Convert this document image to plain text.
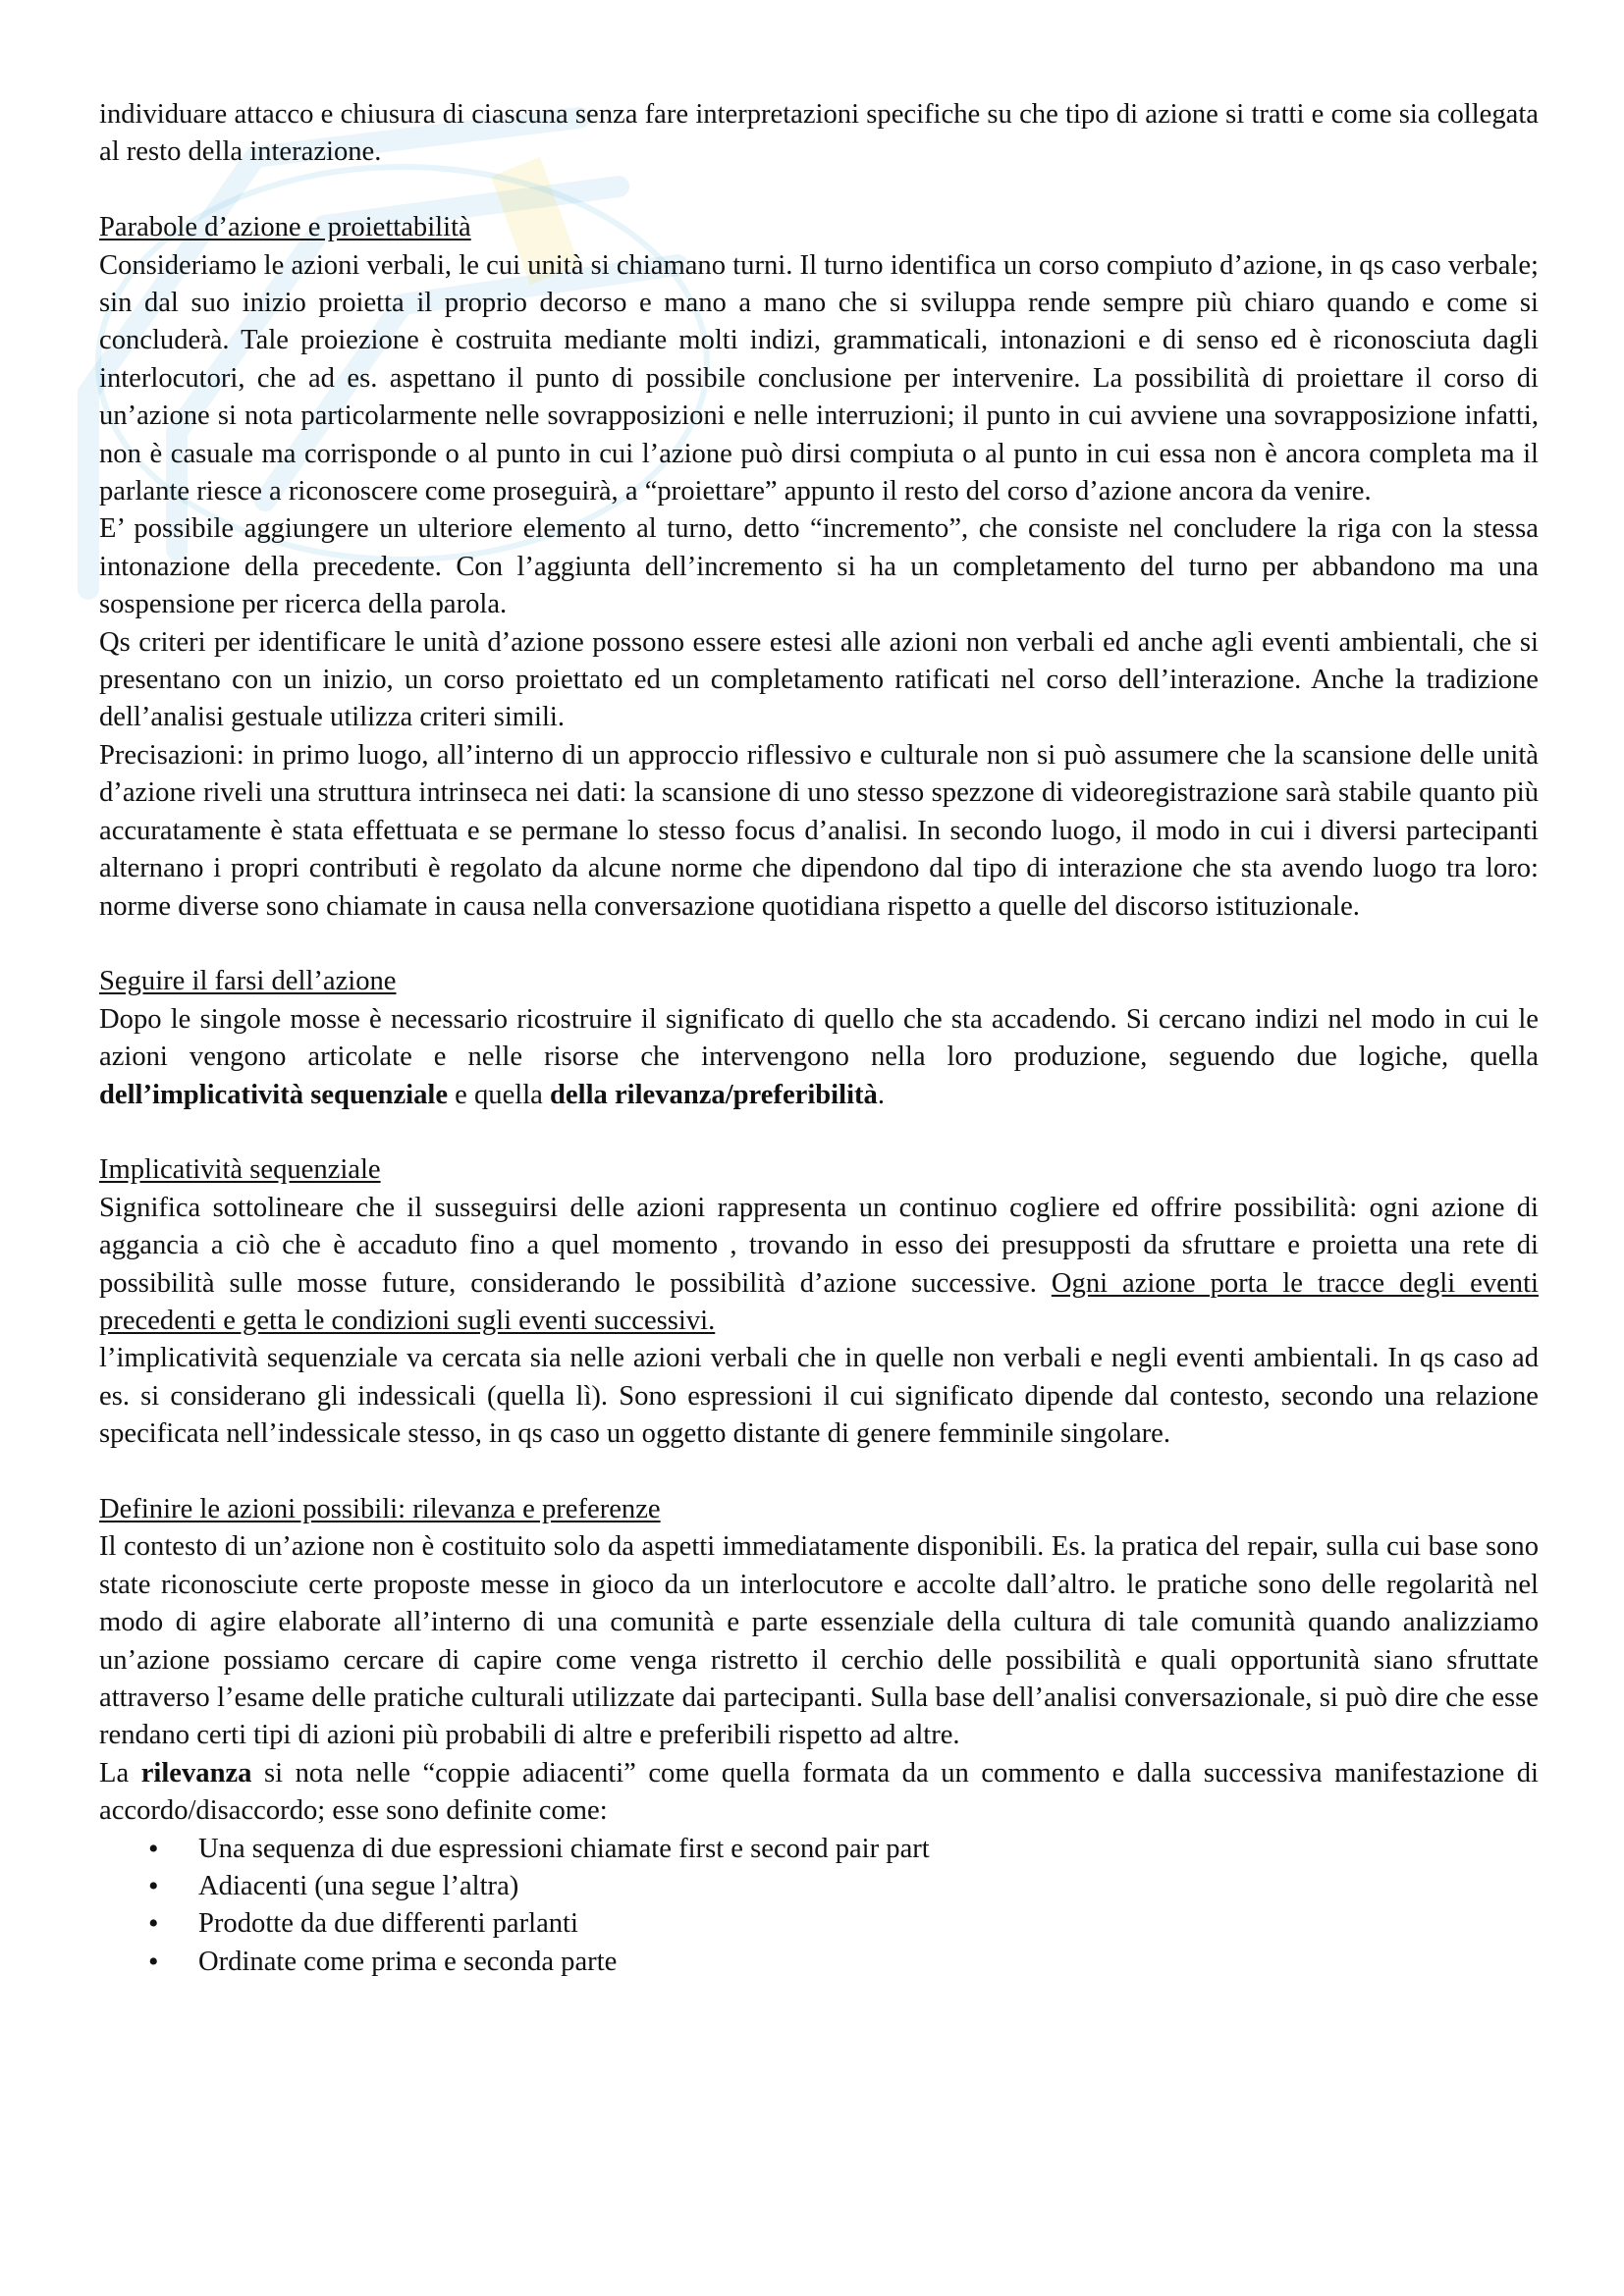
individuare attacco e chiusura di ciascuna senza fare interpretazioni specifiche su che tipo di azione si tratti e come sia collegata al resto della interazione.

Parabole d’azione e proiettabilità

Consideriamo le azioni verbali, le cui unità si chiamano turni. Il turno identifica un corso compiuto d’azione, in qs caso verbale; sin dal suo inizio proietta il proprio decorso e mano a mano che si sviluppa rende sempre più chiaro quando e come si concluderà. Tale proiezione è costruita mediante molti indizi, grammaticali, intonazioni e di senso ed è riconosciuta dagli interlocutori, che ad es. aspettano il punto di possibile conclusione per intervenire. La possibilità di proiettare il corso di un’azione si nota particolarmente nelle sovrapposizioni e nelle interruzioni; il punto in cui avviene una sovrapposizione infatti, non è casuale ma corrisponde o al punto in cui l’azione può dirsi compiuta o al punto in cui essa non è ancora completa ma il parlante riesce a riconoscere come proseguirà, a “proiettare” appunto il resto del corso d’azione ancora da venire.

E’ possibile aggiungere un ulteriore elemento al turno, detto “incremento”, che consiste nel concludere la riga con la stessa intonazione della precedente. Con l’aggiunta dell’incremento si ha un completamento del turno per abbandono ma una sospensione per ricerca della parola.

Qs criteri per identificare le unità d’azione possono essere estesi alle azioni non verbali ed anche agli eventi ambientali, che si presentano con un inizio, un corso proiettato ed un completamento ratificati nel corso dell’interazione. Anche la tradizione dell’analisi gestuale utilizza criteri simili.

Precisazioni: in primo luogo, all’interno di un approccio riflessivo e culturale non si può assumere che la scansione delle unità d’azione riveli una struttura intrinseca nei dati: la scansione di uno stesso spezzone di videoregistrazione sarà stabile quanto più accuratamente è stata effettuata e se permane lo stesso focus d’analisi. In secondo luogo, il modo in cui i diversi partecipanti alternano i propri contributi è regolato da alcune norme che dipendono dal tipo di interazione che sta avendo luogo tra loro: norme diverse sono chiamate in causa nella conversazione quotidiana rispetto a quelle del discorso istituzionale.

Seguire il farsi dell’azione

Dopo le singole mosse è necessario ricostruire il significato di quello che sta accadendo. Si cercano indizi nel modo in cui le azioni vengono articolate e nelle risorse che intervengono nella loro produzione, seguendo due logiche, quella dell’implicatività sequenziale e quella della rilevanza/preferibilità.

Implicatività sequenziale

Significa sottolineare che il susseguirsi delle azioni rappresenta un continuo cogliere ed offrire possibilità: ogni azione di aggancia a ciò che è accaduto fino a quel momento , trovando in esso dei presupposti da sfruttare e proietta una rete di possibilità sulle mosse future, considerando le possibilità d’azione successive. Ogni azione porta le tracce degli eventi precedenti e getta le condizioni sugli eventi successivi.

l’implicatività sequenziale va cercata sia nelle azioni verbali che in quelle non verbali e negli eventi ambientali. In qs caso ad es. si considerano gli indessicali (quella lì). Sono espressioni il cui significato dipende dal contesto, secondo una relazione specificata nell’indessicale stesso, in qs caso un oggetto distante di genere femminile singolare.

Definire le azioni possibili: rilevanza e preferenze

Il contesto di un’azione non è costituito solo da aspetti immediatamente disponibili. Es. la pratica del repair, sulla cui base sono state riconosciute certe proposte messe in gioco da un interlocutore e accolte dall’altro. le pratiche sono delle regolarità nel modo di agire elaborate all’interno di una comunità e parte essenziale della cultura di tale comunità quando analizziamo un’azione possiamo cercare di capire come venga ristretto il cerchio delle possibilità e quali opportunità siano sfruttate attraverso l’esame delle pratiche culturali utilizzate dai partecipanti. Sulla base dell’analisi conversazionale, si può dire che esse rendano certi tipi di azioni più probabili di altre e preferibili rispetto ad altre.

La rilevanza si nota nelle “coppie adiacenti” come quella formata da un commento e dalla successiva manifestazione di accordo/disaccordo; esse sono definite come:

• Una sequenza di due espressioni chiamate first e second pair part
• Adiacenti (una segue l’altra)
• Prodotte da due differenti parlanti
• Ordinate come prima e seconda parte
